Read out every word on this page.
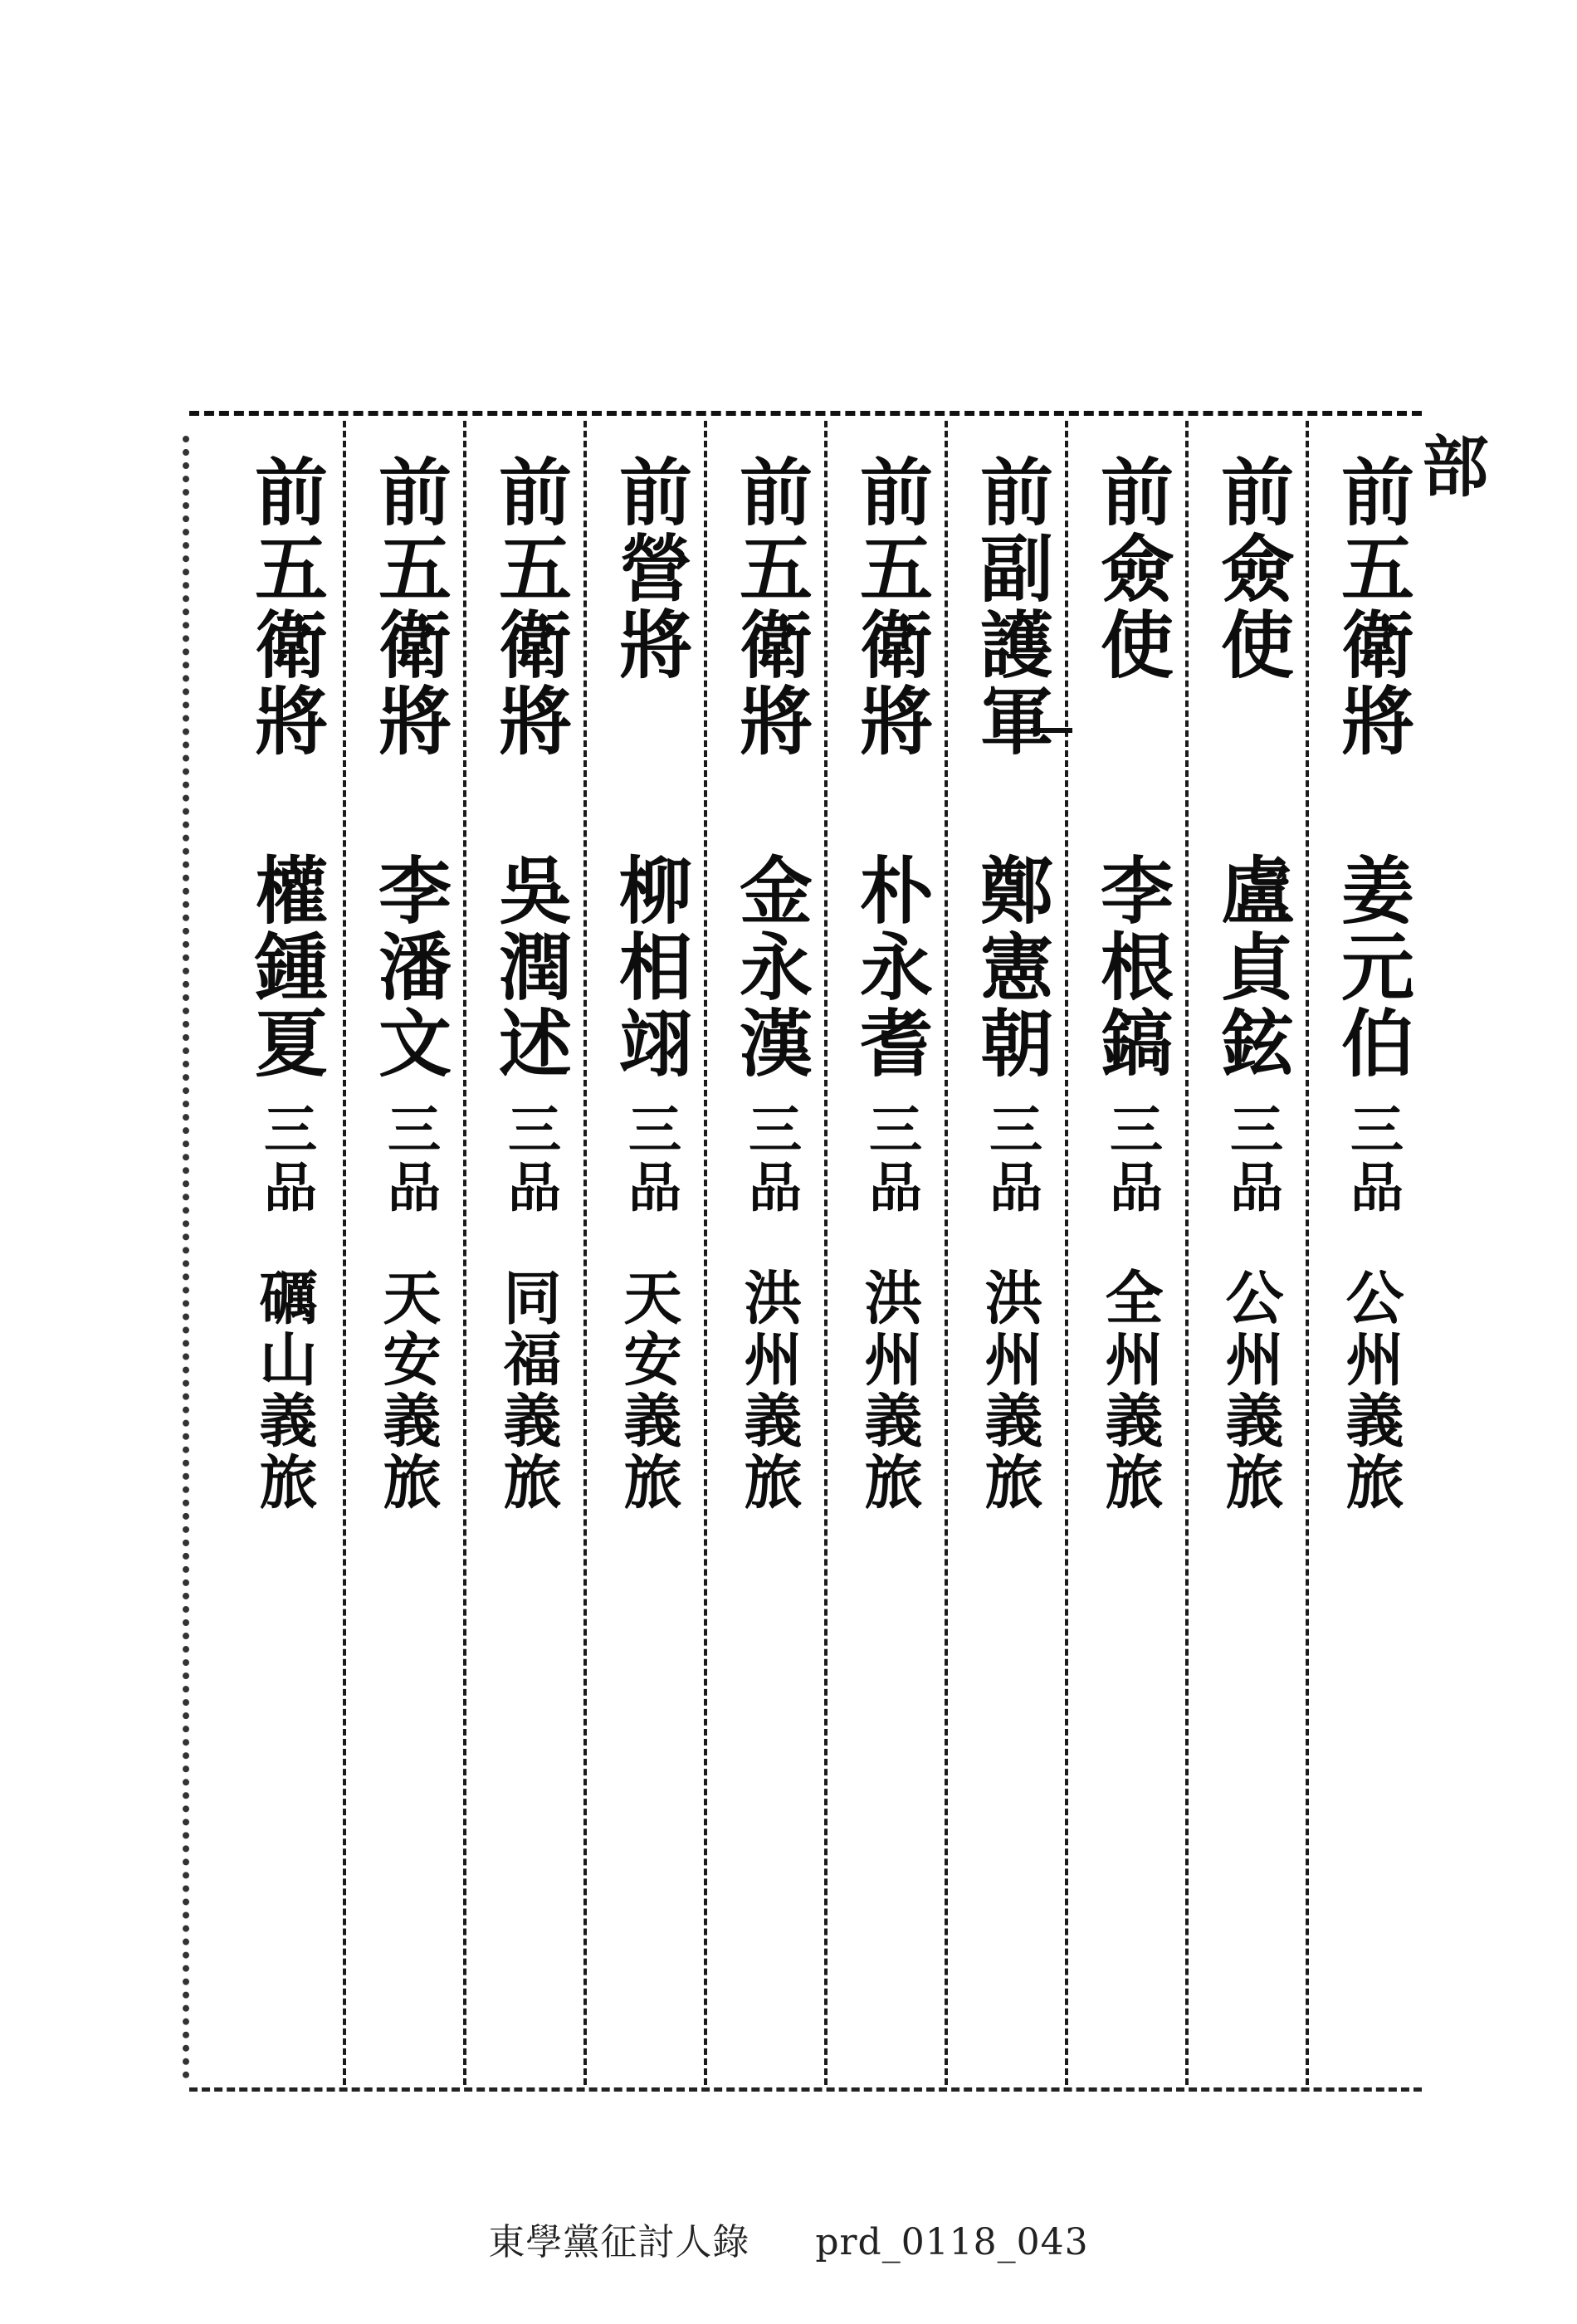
部
前五衛將
姜元伯
三品
公州義旅
前僉使
盧貞鉉
三品
公州義旅
前僉使
李根鎬
三品
全州義旅
前副護軍
鄭憲朝
三品
洪州義旅
前五衛將
朴永耆
三品
洪州義旅
前五衛將
金永漢
三品
洪州義旅
前營將
柳相翊
三品
天安義旅
前五衛將
吳潤述
三品
同福義旅
前五衛將
李潘文
三品
天安義旅
前五衛將
權鍾夏
三品
礪山義旅
東學黨征討人錄 prd_0118_043
